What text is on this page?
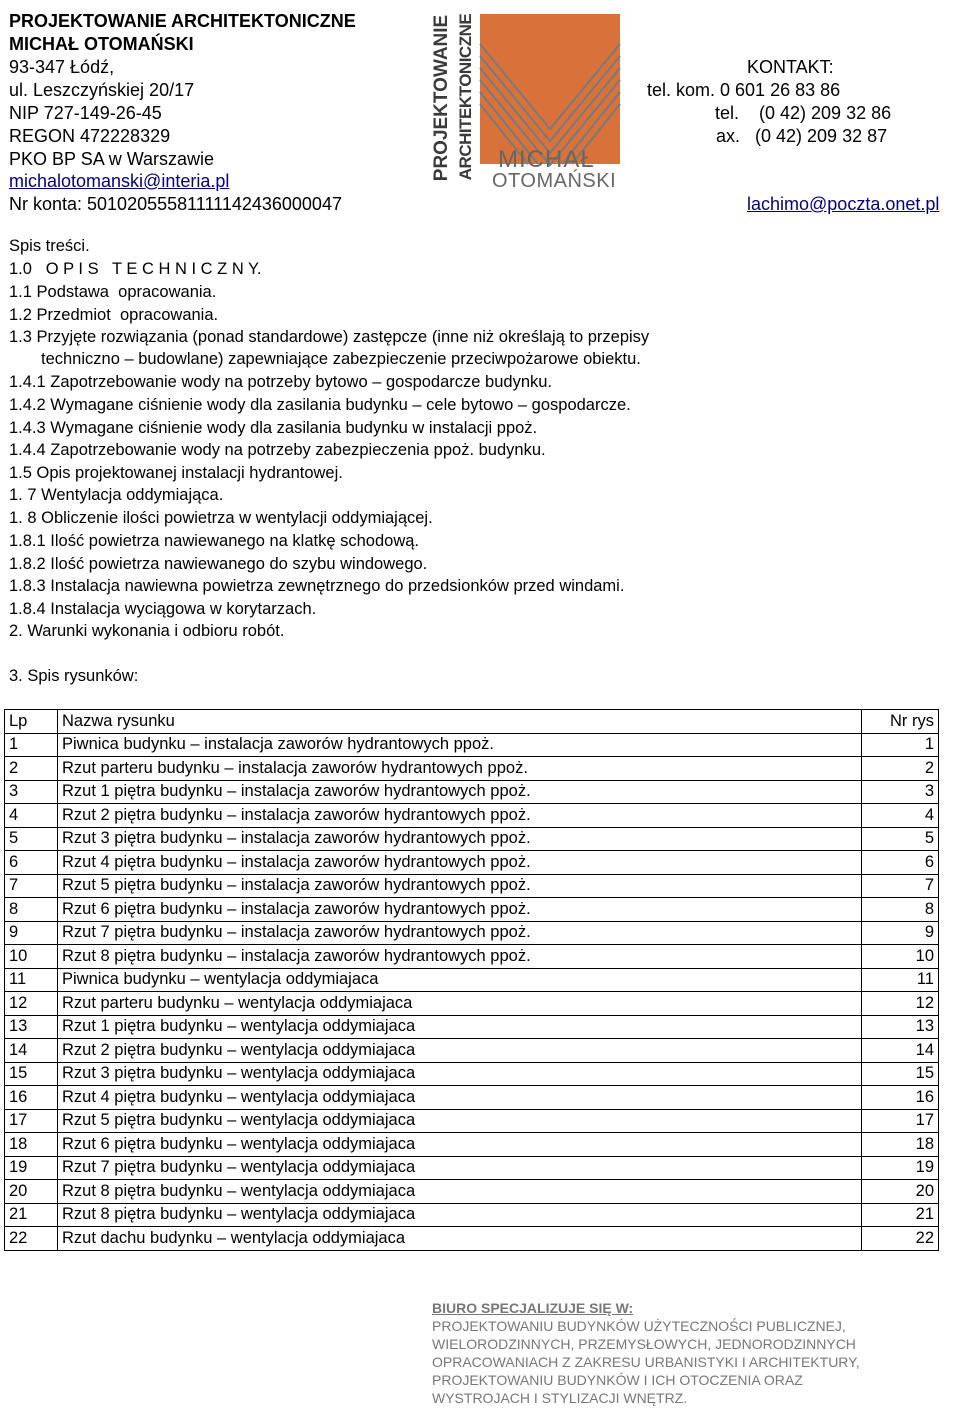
PROJEKTOWANIE ARCHITEKTONICZNE
MICHAŁ OTOMAŃSKI
93-347 Łódź,
ul. Leszczyńskiej 20/17
NIP 727-149-26-45
REGON 472228329
PKO BP SA w Warszawie
michalotomanski@interia.pl
Nr konta: 50102055581111142436000047
KONTAKT:
tel. kom. 0 601 26 83 86
tel.    (0 42) 209 32 86
ax.   (0 42) 209 32 87
lachimo@poczta.onet.pl
PROJEKTOWANIE ARCHITEKTONICZNE MICHAŁ
OTOMAŃSKI
Spis treści.
1.0   O P I S   T E C H N I C Z N Y.
1.1 Podstawa  opracowania.
1.2 Przedmiot  opracowania.
1.3 Przyjęte rozwiązania (ponad standardowe) zastępcze (inne niż określają to przepisy
techniczno – budowlane) zapewniające zabezpieczenie przeciwpożarowe obiektu.
1.4.1 Zapotrzebowanie wody na potrzeby bytowo – gospodarcze budynku.
1.4.2 Wymagane ciśnienie wody dla zasilania budynku – cele bytowo – gospodarcze.
1.4.3 Wymagane ciśnienie wody dla zasilania budynku w instalacji ppoż.
1.4.4 Zapotrzebowanie wody na potrzeby zabezpieczenia ppoż. budynku.
1.5 Opis projektowanej instalacji hydrantowej.
1. 7 Wentylacja oddymiająca.
1. 8 Obliczenie ilości powietrza w wentylacji oddymiającej.
1.8.1 Ilość powietrza nawiewanego na klatkę schodową.
1.8.2 Ilość powietrza nawiewanego do szybu windowego.
1.8.3 Instalacja nawiewna powietrza zewnętrznego do przedsionków przed windami.
1.8.4 Instalacja wyciągowa w korytarzach.
2. Warunki wykonania i odbioru robót.
3. Spis rysunków:
Lp	Nazwa rysunku	Nr rys
1	Piwnica budynku – instalacja zaworów hydrantowych ppoż.	1
2	Rzut parteru budynku – instalacja zaworów hydrantowych ppoż.	2
3	Rzut 1 piętra budynku – instalacja zaworów hydrantowych ppoż.	3
4	Rzut 2 piętra budynku – instalacja zaworów hydrantowych ppoż.	4
5	Rzut 3 piętra budynku – instalacja zaworów hydrantowych ppoż.	5
6	Rzut 4 piętra budynku – instalacja zaworów hydrantowych ppoż.	6
7	Rzut 5 piętra budynku – instalacja zaworów hydrantowych ppoż.	7
8	Rzut 6 piętra budynku – instalacja zaworów hydrantowych ppoż.	8
9	Rzut 7 piętra budynku – instalacja zaworów hydrantowych ppoż.	9
10	Rzut 8 piętra budynku – instalacja zaworów hydrantowych ppoż.	10
11	Piwnica budynku – wentylacja oddymiajaca	11
12	Rzut parteru budynku – wentylacja oddymiajaca	12
13	Rzut 1 piętra budynku – wentylacja oddymiajaca	13
14	Rzut 2 piętra budynku – wentylacja oddymiajaca	14
15	Rzut 3 piętra budynku – wentylacja oddymiajaca	15
16	Rzut 4 piętra budynku – wentylacja oddymiajaca	16
17	Rzut 5 piętra budynku – wentylacja oddymiajaca	17
18	Rzut 6 piętra budynku – wentylacja oddymiajaca	18
19	Rzut 7 piętra budynku – wentylacja oddymiajaca	19
20	Rzut 8 piętra budynku – wentylacja oddymiajaca	20
21	Rzut 8 piętra budynku – wentylacja oddymiajaca	21
22	Rzut dachu budynku – wentylacja oddymiajaca	22
BIURO SPECJALIZUJE SIĘ W:
PROJEKTOWANIU BUDYNKÓW UŻYTECZNOŚCI PUBLICZNEJ,
WIELORODZINNYCH, PRZEMYSŁOWYCH, JEDNORODZINNYCH
OPRACOWANIACH Z ZAKRESU URBANISTYKI I ARCHITEKTURY,
PROJEKTOWANIU BUDYNKÓW I ICH OTOCZENIA ORAZ
WYSTROJACH I STYLIZACJI WNĘTRZ.
